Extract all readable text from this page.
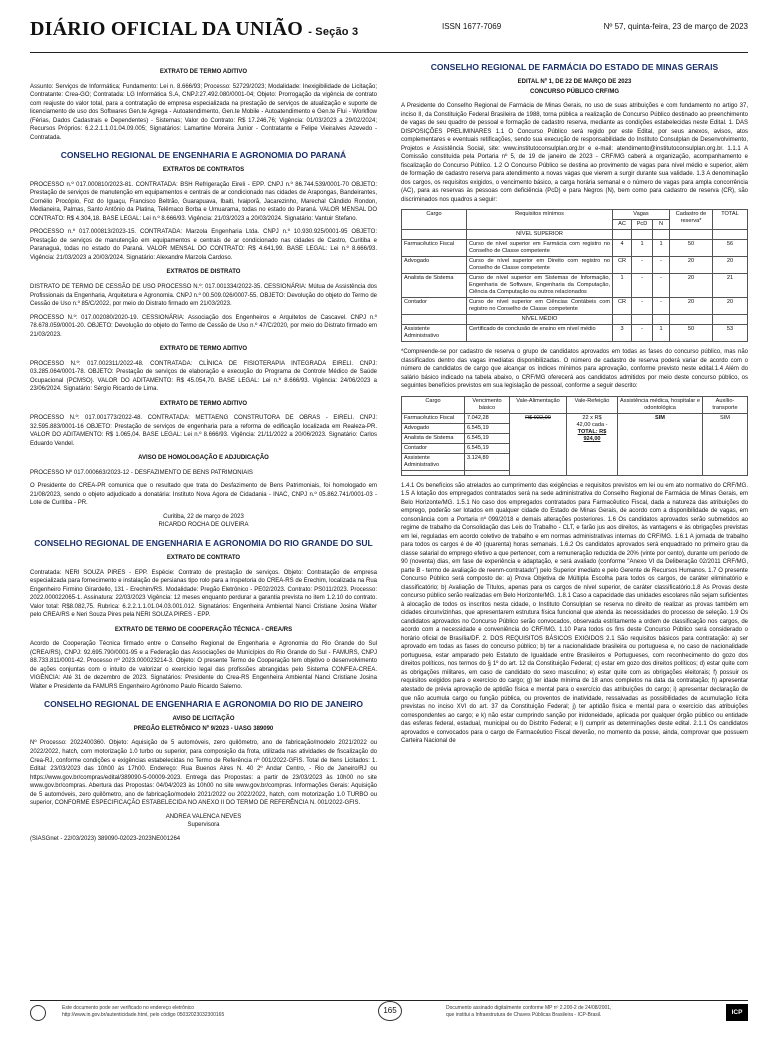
DIÁRIO OFICIAL DA UNIÃO - Seção 3	ISSN 1677-7069	Nº 57, quinta-feira, 23 de março de 2023
EXTRATO DE TERMO ADITIVO

Assunto: Serviços de Informática; Fundamento: Lei n. 8.666/93; Processo: 52729/2023; Modalidade: Inexigibilidade de Licitação; Contratante: Crea-GO; Contratada: LG Informática S.A, CNPJ:27.492.080/0001-04; Objeto: Prorrogação da vigência de contrato com reajuste do valor total, para a contratação de empresa especializada na prestação de serviços de atualização e suporte de licenciamento de uso dos Softwares Gen.te Agrega - Autoatendimento, Gen.te Mobile - Autoatendimento e Gen.te Flui - Workflow (Férias, Dados Cadastrais e Dependentes) - Sistemas; Valor do Contrato: R$ 17.246,76; Vigência: 01/03/2023 a 29/02/2024; Recursos Próprios: 6.2.2.1.1.01.04.09.005; Signatários: Lamartine Moreira Junior - Contratante e Felipe Vieiralves Azevedo - Contratada.

CONSELHO REGIONAL DE ENGENHARIA E AGRONOMIA DO PARANÁ
EXTRATOS DE CONTRATOS

PROCESSO n.º 017.000810/2023-81. CONTRATADA: BSH Refrigeração Eireli - EPP. CNPJ n.º 86.744.539/0001-70 OBJETO: Prestação de serviços de manutenção em equipamentos e centrais de ar condicionado nas cidades de Arapongas, Bandeirantes, Cornélio Procópio, Foz do Iguaçu, Francisco Beltrão, Guarapuava, Ibaiti, Ivaiporã, Jacarezinho, Marechal Cândido Rondon, Medianeira, Palmas, Santo Antônio da Platina, Telêmaco Borba e Umuarama, todas no estado do Paraná. VALOR MENSAL DO CONTRATO: R$ 4.304,18. BASE LEGAL: Lei n.º 8.666/93. Vigência: 21/03/2023 a 20/03/2024. Signatário: Vantuir Stefano.

PROCESSO n.º 017.000813/2023-15. CONTRATADA: Marzola Engenharia Ltda. CNPJ n.º 10.930.925/0001-95 OBJETO: Prestação de serviços de manutenção em equipamentos e centrais de ar condicionado nas cidades de Castro, Curitiba e Paranaguá, todas no estado do Paraná. VALOR MENSAL DO CONTRATO: R$ 4.641,99. BASE LEGAL: Lei n.º 8.666/93. Vigência: 21/03/2023 a 20/03/2024. Signatário: Alexandre Marzola Cardoso.

EXTRATOS DE DISTRATO

DISTRATO DE TERMO DE CESSÃO DE USO PROCESSO N.º: 017.001334/2022-35. CESSIONÁRIA: Mútua de Assistência dos Profissionais da Engenharia, Arquitetura e Agronomia. CNPJ n.º 00.509.026/0007-55. OBJETO: Devolução do objeto do Termo de Cessão de Uso n.º 85/C/2022, por meio do Distrato firmado em 21/03/2023.

PROCESSO N.º: 017.002080/2020-19. CESSIONÁRIA: Associação dos Engenheiros e Arquitetos de Cascavel. CNPJ n.º 78.678.059/0001-20. OBJETO: Devolução do objeto do Termo de Cessão de Uso n.º 47/C/2020, por meio do Distrato firmado em 21/03/2023.

EXTRATO DE TERMO ADITIVO

PROCESSO N.º: 017.002311/2022-48. CONTRATADA: CLÍNICA DE FISIOTERAPIA INTEGRADA EIRELI. CNPJ: 03.285.064/0001-78. OBJETO: Prestação de serviços de elaboração e execução do Programa de Controle Médico de Saúde Ocupacional (PCMSO). VALOR DO ADITAMENTO: R$ 45.054,70. BASE LEGAL: Lei n.º 8.666/93. Vigência: 24/06/2023 a 23/06/2024. Signatário: Sérgio Ricardo de Lima.

EXTRATO DE TERMO ADITIVO

PROCESSO N.º: 017.001773/2022-48. CONTRATADA: METTAENG CONSTRUTORA DE OBRAS - EIRELI. CNPJ: 32.595.883/0001-16 OBJETO: Prestação de serviços de engenharia para a reforma de edificação localizada em Realeza-PR. VALOR DO ADITAMENTO: R$ 1.065,04. BASE LEGAL: Lei n.º 8.666/93. Vigência: 21/11/2022 a 20/06/2023. Signatário: Carlos Eduardo Vendel.

AVISO DE HOMOLOGAÇÃO E ADJUDICAÇÃO

PROCESSO Nº 017.000663/2023-12 - DESFAZIMENTO DE BENS PATRIMONIAIS

O Presidente do CREA-PR comunica que o resultado que trata do Desfazimento de Bens Patrimoniais, foi homologado em 21/08/2023, sendo o objeto adjudicado a donatária: Instituto Nova Agora de Cidadania - INAC, CNPJ n.º 05.862.741/0001-03 - Lote de Curitiba - PR.

Curitiba, 22 de março de 2023

RICARDO ROCHA DE OLIVEIRA

CONSELHO REGIONAL DE ENGENHARIA E AGRONOMIA DO RIO GRANDE DO SUL
EXTRATO DE CONTRATO

Contratada: NERI SOUZA PIRES - EPP. Espécie: Contrato de prestação de serviços. Objeto: Contratação de empresa especializada para fornecimento e instalação de persianas tipo rolo para a Inspetoria do CREA-RS de Erechim, localizada na Rua Engenheiro Firmino Girardello, 131 - Erechim/RS. Modalidade: Pregão Eletrônico - PE02/2023. Contrato: PS011/2023. Processo: 2022.000022065-1. Assinatura: 22/03/2023 Vigência: 12 meses enquanto perdurar a garantia prevista no item 1.2.10 do contrato. Valor total: R$8.082,75. Rubrica: 6.2.2.1.1.01.04.03.001.012. Signatários: Engenheira Ambiental Nanci Cristiane Josina Walter pelo CREA/RS e Neri Souza Pires pela NERI SOUZA PIRES - EPP.

EXTRATO DE TERMO DE COOPERAÇÃO TÉCNICA - CREA/RS

Acordo de Cooperação Técnica firmado entre o Conselho Regional de Engenharia e Agronomia do Rio Grande do Sul (CREA/RS), CNPJ: 92.695.790/0001-95 e a Federação das Associações de Municípios do Rio Grande do Sul - FAMURS, CNPJ 88.733.811/0001-42. Processo nº 2023.000023214-3. Objeto: O presente Termo de Cooperação tem objetivo o desenvolvimento de ações conjuntas com o intuito de valorizar o exercício legal das profissões abrangidas pelo Sistema CONFEA-CREA. VIGÊNCIA: Até 31 de dezembro de 2023. Signatários: Presidente do Crea-RS Engenheira Ambiental Nanci Cristiane Josina Walter e Presidente da FAMURS Engenheiro Agrônomo Paulo Ricardo Salerno.

CONSELHO REGIONAL DE ENGENHARIA E AGRONOMIA DO RIO DE JANEIRO
AVISO DE LICITAÇÃO
PREGÃO ELETRÔNICO Nº 9/2023 - UASG 389090

Nº Processo: 2022400360. Objeto: Aquisição de 5 automóveis, zero quilômetro, ano de fabricação/modelo 2021/2022 ou 2022/2022, hatch, com motorização 1.0 turbo ou superior, para composição da frota, utilizada nas atividades de fiscalização do Crea-RJ, conforme condições e exigências estabelecidas no Termo de Referência nº 001/2022-GFIS. Total de Itens Licitados: 1. Edital: 23/03/2023 das 10h00 às 17h00. Endereço: Rua Buenos Aires N. 40 2º Andar Centro, - Rio de Janeiro/RJ ou https://www.gov.br/compras/edital/389090-5-00009-2023. Entrega das Propostas: a partir de 23/03/2023 às 10h00 no site www.gov.br/compras. Abertura das Propostas: 04/04/2023 às 10h00 no site www.gov.br/compras. Informações Gerais: Aquisição de 5 automóveis, zero quilômetro, ano de fabricação/modelo 2021/2022 ou 2022/2022, hatch, com motorização 1.0 TURBO ou superior, CONFORME ESPECIFICAÇÃO ESTABELECIDA NO ANEXO II DO TERMO DE REFERÊNCIA N. 001/2022-GFIS.

ANDREA VALENCA NEVES

Supervisora

(SIASGnet - 22/03/2023) 389090-02023-2023NE001264

CONSELHO REGIONAL DE FARMÁCIA DO ESTADO DE MINAS GERAIS
EDITAL Nº 1, DE 22 DE MARÇO DE 2023
CONCURSO PÚBLICO CRF/MG

A Presidente do Conselho Regional de Farmácia de Minas Gerais, no uso de suas atribuições e com fundamento no artigo 37, inciso II, da Constituição Federal Brasileira de 1988, torna pública a realização de Concurso Público destinado ao preenchimento de vagas de seu quadro de pessoal e formação de cadastro reserva, mediante as condições estabelecidas neste Edital. 1. DAS DISPOSIÇÕES PRELIMINARES 1.1 O Concurso Público será regido por este Edital, por seus anexos, avisos, atos complementares e eventuais retificações, sendo sua execução de responsabilidade do Instituto Consulplan de Desenvolvimento, Projetos e Assistência Social, site: www.institutoconsulplan.org.br e e-mail: atendimento@institutoconsulplan.org.br. 1.1.1 A Comissão constituída pela Portaria nº 5, de 19 de janeiro de 2023 - CRF/MG caberá a organização, acompanhamento e fiscalização do Concurso Público. 1.2 O Concurso Público se destina ao provimento de vagas para nível médio e superior, além de formação de cadastro reserva para atendimento a novas vagas que vierem a surgir durante sua validade. 1.3 A denominação dos cargos, os requisitos exigidos, o vencimento básico, a carga horária semanal e o número de vagas para ampla concorrência (AC), para as reservas às pessoas com deficiência (PcD) e para Negros (N), bem como para cadastro de reserva (CR), são discriminados nos quadros a seguir:

Cargo	Requisitos mínimos	Vagas			Cadastro de reserva*	TOTAL
		AC	PcD	N		
	NÍVEL SUPERIOR					
Farmacêutico Fiscal	Curso de nível superior em Farmácia com registro no Conselho de Classe competente	4	1	1	50	56
Advogado	Curso de nível superior em Direito com registro no Conselho de Classe competente	CR	-	-	20	20
Analista de Sistema	Curso de nível superior em Sistemas de Informação, Engenharia de Software, Engenharia da Computação, Ciência da Computação ou outros relacionados	1	-	-	20	21
Contador	Curso de nível superior em Ciências Contábeis com registro no Conselho de Classe competente	CR	-	-	20	20
	NÍVEL MÉDIO					
Assistente Administrativo	Certificado de conclusão de ensino em nível médio	3	-	1	50	53

*Compreende-se por cadastro de reserva o grupo de candidatos aprovados em todas as fases do concurso público, mas não classificados dentro das vagas imediatas disponibilizadas. O número de cadastro de reserva poderá variar de acordo com o número de candidatos de cargo que alcançar os índices mínimos para aprovação, conforme previsto neste edital.1.4 Além do salário básico indicado na tabela abaixo, o CRF/MG oferecerá aos candidatos admitidos por meio deste concurso público, os seguintes benefícios previstos em sua legislação de pessoal, conforme a seguir descrito:

Cargo	Vencimento básico	Vale-Alimentação	Vale-Refeição	Assistência médica, hospitalar e odontológica	Auxílio-transporte
Farmacêutico Fiscal	7.042,28	R$ 922,00	22 x R$
42,00 cada -
TOTAL: R$
924,00	SIM	SIM
Advogado	6.545,19				
Analista de Sistema	6.545,19				
Contador	6.545,19				
Assistente Administrativo	3.124,89				

1.4.1 Os benefícios são atrelados ao cumprimento das exigências e requisitos previstos em lei ou em ato normativo do CRF/MG. 1.5 A lotação dos empregados contratados será na sede administrativa do Conselho Regional de Farmácia de Minas Gerais, em Belo Horizonte/MG. 1.5.1 No caso dos empregados contratados para Farmacêutico Fiscal, dada a natureza das atribuições do emprego, poderão ser lotados em qualquer cidade do Estado de Minas Gerais, de acordo com a disponibilidade de vagas, em consonância com a Portaria nº 099/2018 e demais alterações posteriores. 1.6 Os candidatos aprovados serão submetidos ao regime de trabalho da Consolidação das Leis do Trabalho - CLT, e farão jus aos direitos, às vantagens e às obrigações previstas em lei, reguladas em acordo coletivo de trabalho e em normas administrativas internas do CRF/MG. 1.6.1 A jornada de trabalho para todos os cargos é de 40 (quarenta) horas semanais. 1.6.2 Os candidatos aprovados será enquadrado no primeiro grau da classe salarial do emprego efetivo a que pertencer, com a remuneração reduzida de 20% (vinte por cento), durante um período de 90 (noventa) dias, em fase de experiência e adaptação, e será avaliado (conforme "Anexo VI da Deliberação 02/2011 CRF/MG, parte B - termo de avaliação de reenm-contratado") pelo Superior imediato e pelo Gerente de Recursos Humanos. 1.7 O presente Concurso Público será composto de: a) Prova Objetiva de Múltipla Escolha para todos os cargos, de caráter eliminatório e classificatório; b) Avaliação de Títulos, apenas para os cargos de nível superior, de caráter classificatório.1.8 As Provas deste concurso público serão realizadas em Belo Horizonte/MG. 1.8.1 Caso a capacidade das unidades escolares não sejam suficientes à alocação de todos os inscritos nesta cidade, o Instituto Consulplan se reserva no direito de realizar as provas também em cidades circunvizinhas, que apresentarem estrutura física funcional que atenda às necessidades do processo de seleção. 1.9 Os candidatos aprovados no Concurso Público serão convocados, observada estritamente a ordem de classificação nos cargos, de acordo com a necessidade e conveniência do CRF/MG. 1.10 Para todos os fins deste Concurso Público será considerado o horário oficial de Brasília/DF. 2. DOS REQUISITOS BÁSICOS EXIGIDOS 2.1 São requisitos básicos para contratação: a) ser aprovado em todas as fases do concurso público; b) ter a nacionalidade brasileira ou portuguesa e, no caso de nacionalidade portuguesa, estar amparado pelo Estatuto de Igualdade entre Brasileiros e Portugueses, com reconhecimento do gozo dos direitos políticos, nos termos do § 1º do art. 12 da Constituição Federal; c) estar em gozo dos direitos políticos; d) estar quite com as obrigações militares, em caso de candidato do sexo masculino; e) estar quite com as obrigações eleitorais; f) possuir os requisitos exigidos para o exercício do cargo; g) ter idade mínima de 18 anos completos na data da contratação; h) apresentar atestado de prévia aprovação de aptidão física e mental para o exercício das atribuições do cargo; i) apresentar declaração de que não acumula cargo ou função pública, ou proventos de inatividade, ressalvadas as possibilidades de acumulação lícita previstas no inciso XVI do art. 37 da Constituição Federal; j) ter aptidão física e mental para o exercício das atribuições correspondentes ao cargo; e k) não estar cumprindo sanção por inidoneidade, aplicada por qualquer órgão público ou entidade das esferas federal, estadual, municipal ou do Distrito Federal; e l) cumprir as determinações deste edital. 2.1.1 Os candidatos aprovados e convocados para o cargo de Farmacêutico Fiscal deverão, no momento da posse, ainda, comprovar que possuem Carteira Nacional de

Este documento pode ser verificado no endereço eletrônico
http://www.in.gov.br/autenticidade.html, pelo código 05032023032300165	165	Documento assinado digitalmente conforme MP nº 2.200-2 de 24/08/2001,
que institui a Infraestrutura de Chaves Públicas Brasileira - ICP-Brasil.	ICP Brasil
